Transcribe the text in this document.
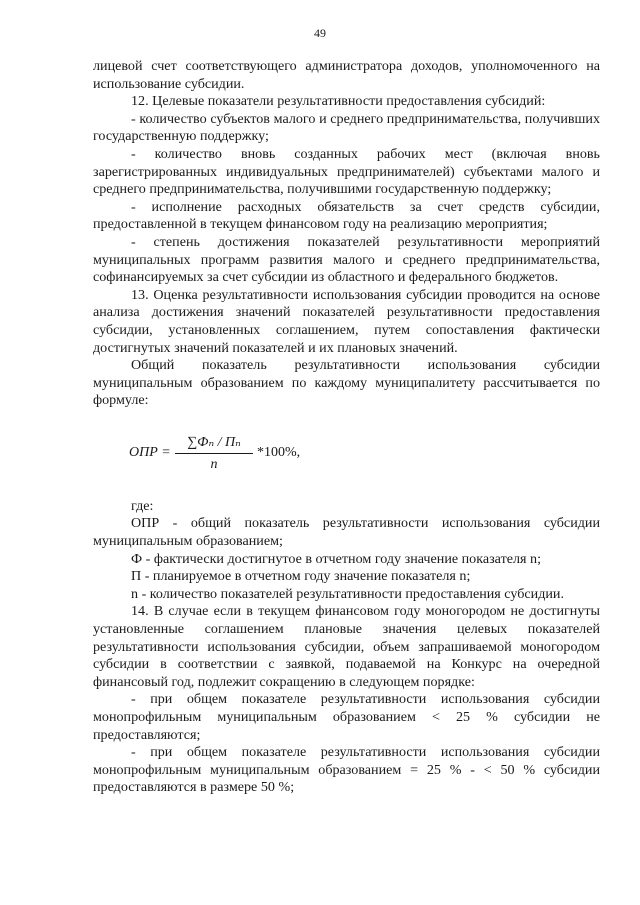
49

лицевой счет соответствующего администратора доходов, уполномоченного на использование субсидии.

12. Целевые показатели результативности предоставления субсидий:

- количество субъектов малого и среднего предпринимательства, получивших государственную поддержку;

- количество вновь созданных рабочих мест (включая вновь зарегистрированных индивидуальных предпринимателей) субъектами малого и среднего предпринимательства, получившими государственную поддержку;

- исполнение расходных обязательств за счет средств субсидии, предоставленной в текущем финансовом году на реализацию мероприятия;

- степень достижения показателей результативности мероприятий муниципальных программ развития малого и среднего предпринимательства, софинансируемых за счет субсидии из областного и федерального бюджетов.

13. Оценка результативности использования субсидии проводится на основе анализа достижения значений показателей результативности предоставления субсидии, установленных соглашением, путем сопоставления фактически достигнутых значений показателей и их плановых значений.

Общий показатель результативности использования субсидии муниципальным образованием по каждому муниципалитету рассчитывается по формуле:

ОПР =
∑Фₙ / Пₙ
n
*100%,

где:

ОПР - общий показатель результативности использования субсидии муниципальным образованием;

Ф - фактически достигнутое в отчетном году значение показателя n;

П - планируемое в отчетном году значение показателя n;

n - количество показателей результативности предоставления субсидии.

14. В случае если в текущем финансовом году моногородом не достигнуты установленные соглашением плановые значения целевых показателей результативности использования субсидии, объем запрашиваемой моногородом субсидии в соответствии с заявкой, подаваемой на Конкурс на очередной финансовый год, подлежит сокращению в следующем порядке:

- при общем показателе результативности использования субсидии монопрофильным муниципальным образованием < 25 % субсидии не предоставляются;

- при общем показателе результативности использования субсидии монопрофильным муниципальным образованием = 25 % - < 50 % субсидии предоставляются в размере 50 %;
